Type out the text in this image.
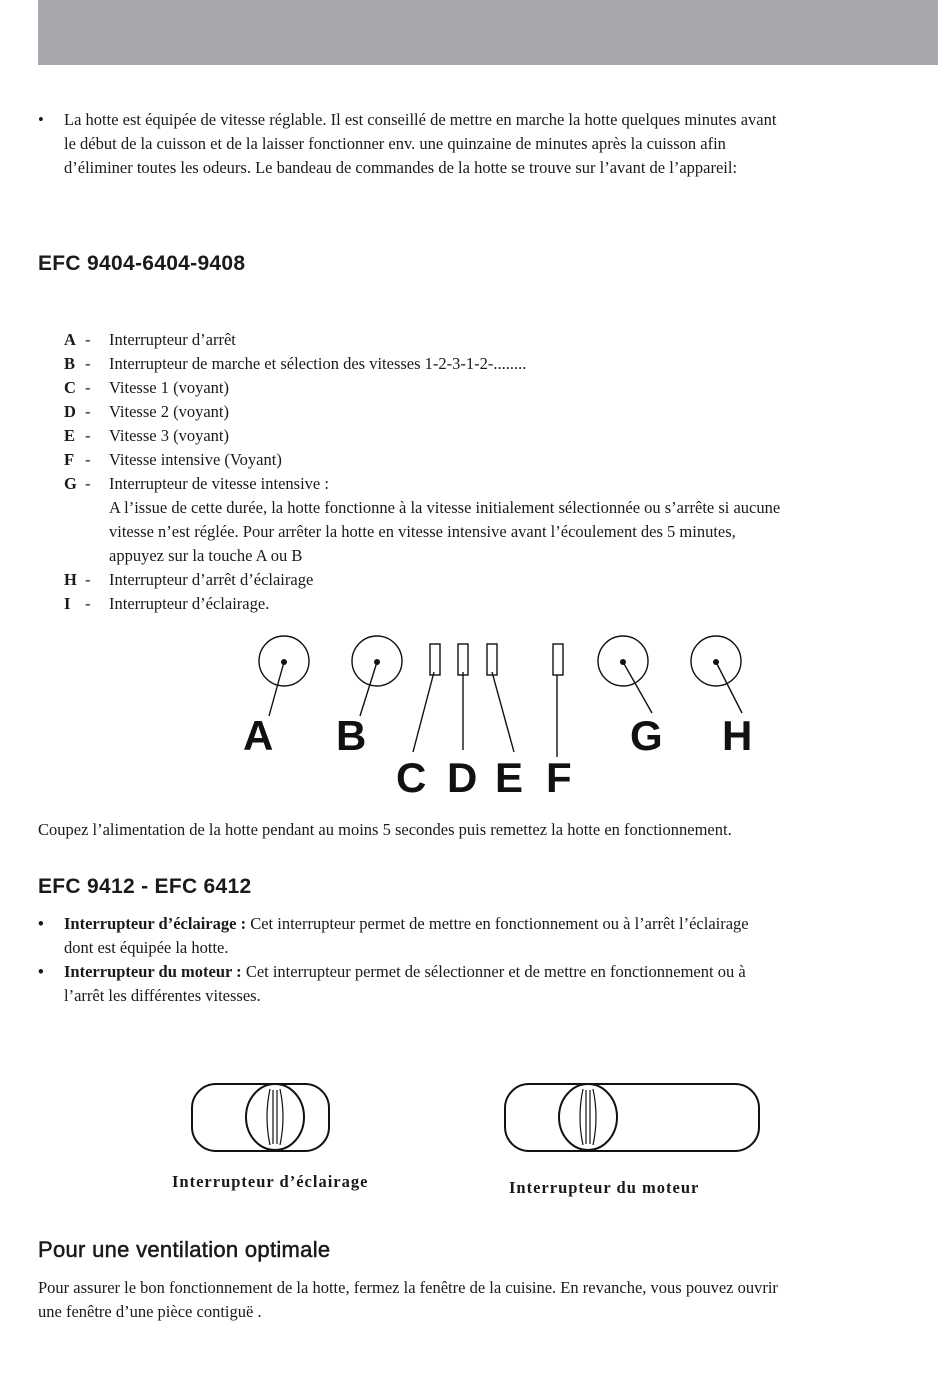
• La hotte est équipée de vitesse réglable. Il est conseillé de mettre en marche la hotte quelques minutes avant
le début de la cuisson et de la laisser fonctionner env. une quinzaine de minutes après la cuisson afin
d’éliminer toutes les odeurs. Le bandeau de commandes de la hotte se trouve sur l’avant de l’appareil:
EFC 9404-6404-9408
A - Interrupteur d’arrêt
B - Interrupteur de marche et sélection des vitesses 1-2-3-1-2-........
C - Vitesse 1 (voyant)
D - Vitesse 2 (voyant)
E - Vitesse 3 (voyant)
F - Vitesse intensive (Voyant)
G - Interrupteur de vitesse intensive :
A l’issue de cette durée, la hotte fonctionne à la vitesse initialement sélectionnée ou s’arrête si aucune
vitesse n’est réglée. Pour arrêter la hotte en vitesse intensive avant l’écoulement des 5 minutes,
appuyez sur la touche A ou B
H - Interrupteur d’arrêt d’éclairage
I - Interrupteur d’éclairage.
A B	G H
C D E F
Coupez l’alimentation de la hotte pendant au moins 5 secondes puis remettez la hotte en fonctionnement.
EFC 9412 - EFC 6412
• Interrupteur d’éclairage : Cet interrupteur permet de mettre en fonctionnement ou à l’arrêt l’éclairage
dont est équipée la hotte.
• Interrupteur du moteur : Cet interrupteur permet de sélectionner et de mettre en fonctionnement ou à
l’arrêt les différentes vitesses.
Interrupteur d’éclairage	Interrupteur du moteur
Pour une ventilation optimale
Pour assurer le bon fonctionnement de la hotte, fermez la fenêtre de la cuisine. En revanche, vous pouvez ouvrir
une fenêtre d’une pièce contiguë .
